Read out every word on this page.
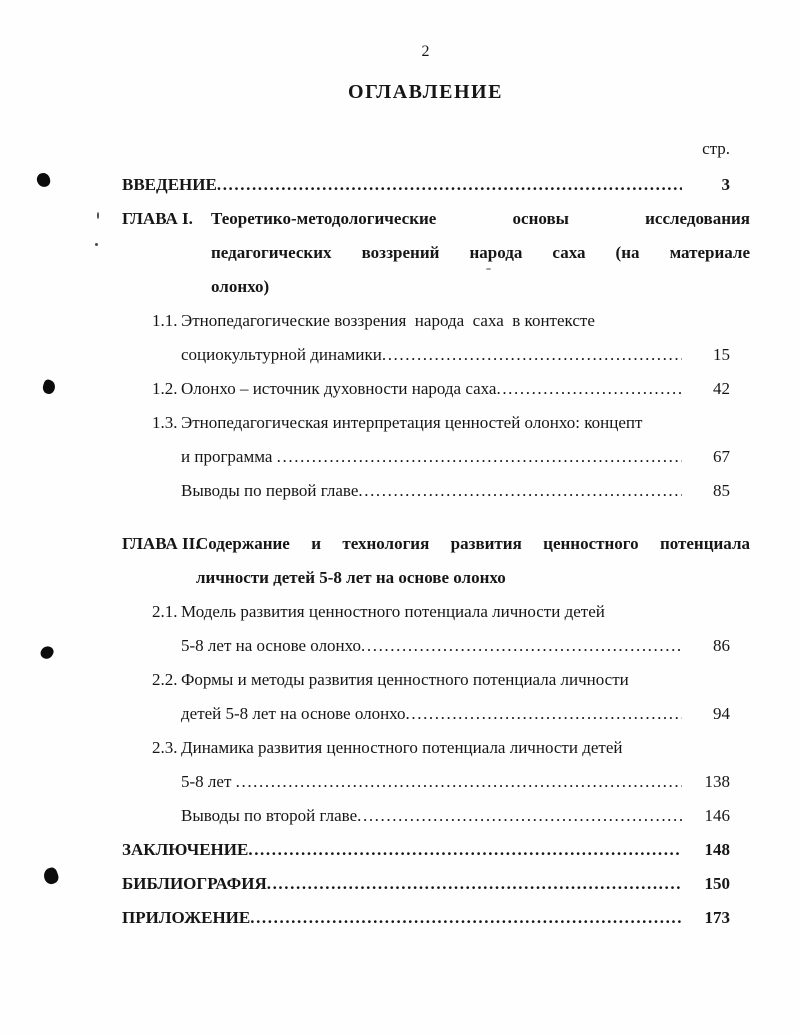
2
ОГЛАВЛЕНИЕ
стр.
ВВЕДЕНИЕ .....	3
ГЛАВА I.	Теоретико-методологические основы исследования
педагогических воззрений народа саха (на материале
олонхо)
1.1. Этнопедагогические воззрения  народа  саха  в контексте
социокультурной динамики .....	15
1.2. Олонхо – источник духовности народа саха .....	42
1.3. Этнопедагогическая интерпретация ценностей олонхо: концепт
и программа .....	67
Выводы по первой главе .....	85
ГЛАВА II.
Содержание и технология развития ценностного потенциала
личности детей 5-8 лет на основе олонхо
2.1. Модель развития ценностного потенциала личности детей
5-8 лет на основе олонхо .....	86
2.2. Формы и методы развития ценностного потенциала личности
детей 5-8 лет на основе олонхо .....	94
2.3. Динамика развития ценностного потенциала личности детей
5-8 лет .....	138
Выводы по второй главе .....	146
ЗАКЛЮЧЕНИЕ .....	148
БИБЛИОГРАФИЯ .....	150
ПРИЛОЖЕНИЕ .....	173
